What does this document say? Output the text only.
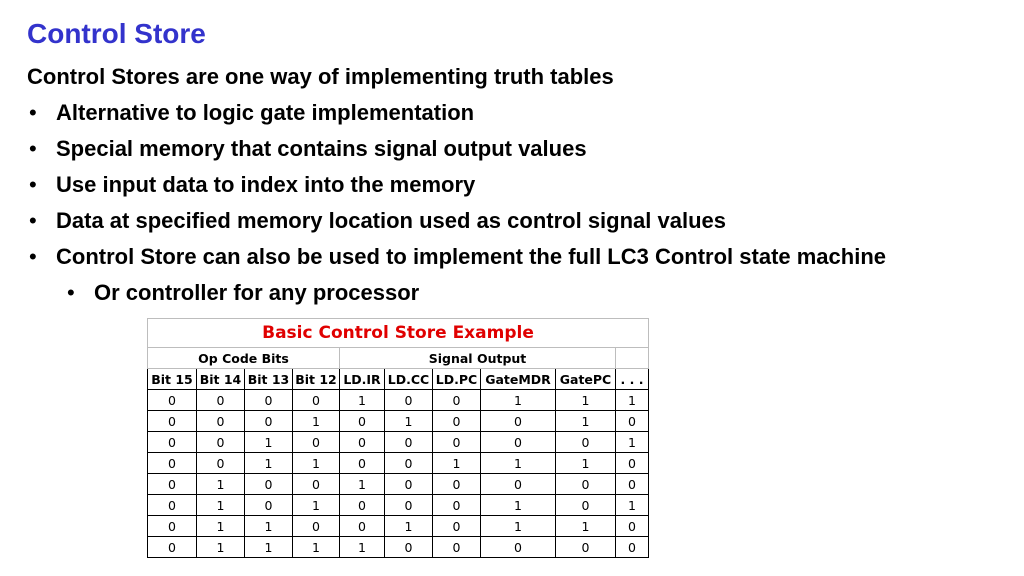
Control Store
Control Stores are one way of implementing truth tables
• Alternative to logic gate implementation
• Special memory that contains signal output values
• Use input data to index into the memory
• Data at specified memory location used as control signal values
• Control Store can also be used to implement the full LC3 Control state machine
• Or controller for any processor
Basic Control Store Example									
Op Code Bits				Signal Output					
Bit 15	Bit 14	Bit 13	Bit 12	LD.IR	LD.CC	LD.PC	GateMDR	GatePC	. . .
0	0	0	0	1	0	0	1	1	1
0	0	0	1	0	1	0	0	1	0
0	0	1	0	0	0	0	0	0	1
0	0	1	1	0	0	1	1	1	0
0	1	0	0	1	0	0	0	0	0
0	1	0	1	0	0	0	1	0	1
0	1	1	0	0	1	0	1	1	0
0	1	1	1	1	0	0	0	0	0
